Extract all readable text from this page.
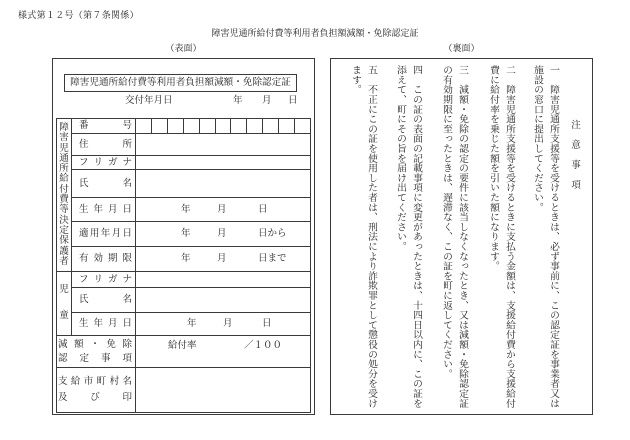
様式第１２号（第７条関係）
障害児通所給付費等利用者負担額減額・免除認定証
（表面）	（裏面）
障害児通所給付費等利用者負担額減額・免除認定証
交付年月日	年 月 日
障
害
児
通
所
給
付
費
等
決
定
保
護
者
番	号
住	所
フ リ ガ ナ
氏	名
生 年 月 日	年	月	日
適 用 年 月 日	年	月	日から
有 効 期 限	年	月	日まで
児
童
フ リ ガ ナ
氏	名
生 年 月 日	年	月	日
減 額 ・ 免 除
認 定 事 項
給付率	／１００
支 給 市 町 村 名
及 び 印
注
意
事
項
一　障害児通所支援等を受けるときは、必ず事前に、この認定証を事業者又は
施設の窓口に提出してください。
二　障害児通所支援等を受けるときに支払う金額は、支援給付費から支援給付
費に給付率を乗じた額を引いた額になります。
三　減額・免除の認定の要件に該当しなくなったとき、又は減額・免除認定証
の有効期限に至ったときは、遅滞なく、この証を町に返してください。
四　この証の表面の記載事項に変更があったときは、十四日以内に、この証を
添えて、町にその旨を届け出てください。
五　不正にこの証を使用した者は、刑法により詐欺罪として懲役の処分を受け
ます。
